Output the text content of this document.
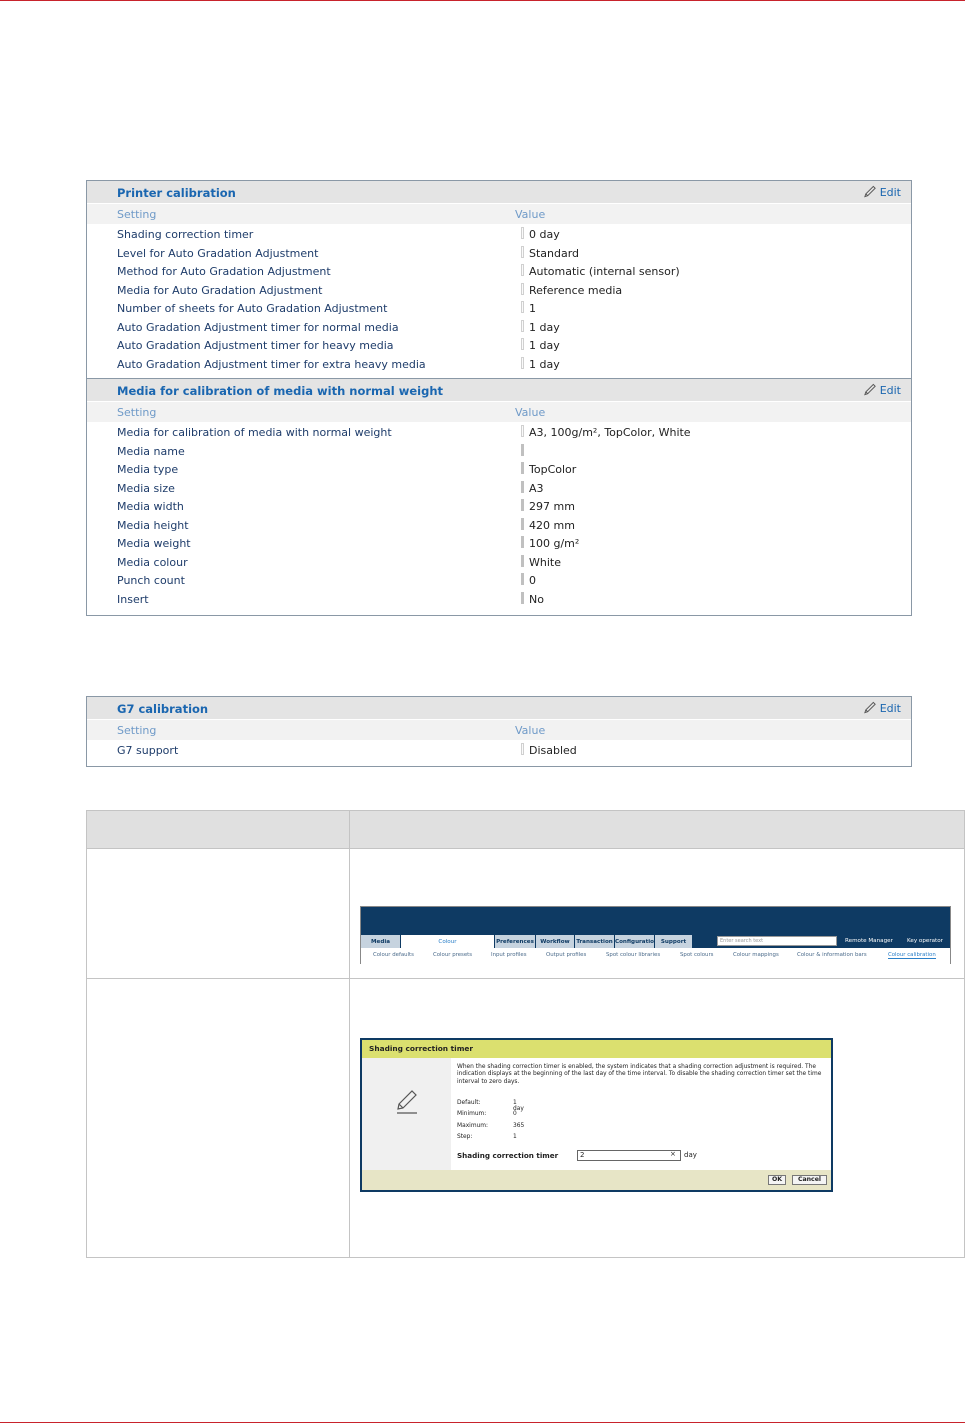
Printer calibration	Edit
Setting	Value
Shading correction timer	0 day
Level for Auto Gradation Adjustment	Standard
Method for Auto Gradation Adjustment	Automatic (internal sensor)
Media for Auto Gradation Adjustment	Reference media
Number of sheets for Auto Gradation Adjustment	1
Auto Gradation Adjustment timer for normal media	1 day
Auto Gradation Adjustment timer for heavy media	1 day
Auto Gradation Adjustment timer for extra heavy media	1 day
Media for calibration of media with normal weight	Edit
Setting	Value
Media for calibration of media with normal weight	A3, 100g/m², TopColor, White
Media name
Media type	TopColor
Media size	A3
Media width	297 mm
Media height	420 mm
Media weight	100 g/m²
Media colour	White
Punch count	0
Insert	No
G7 calibration	Edit
Setting	Value
G7 support	Disabled

Media	Colour	Preferences	Workflow	Transaction Configuratio	Support	Enter search text	Remote Manager	Key operator
Colour defaults	Colour presets	Input profiles	Output profiles	Spot colour libraries	Spot colours	Colour mappings	Colour & information bars	Colour calibration
Shading correction timer
When the shading correction timer is enabled, the system indicates that a shading correction adjustment is required. The indication displays at the beginning of the last day of the time interval. To disable the shading correction timer set the time interval to zero days.
Default:	1 day
Minimum:	0
Maximum:	365
Step:	1
Shading correction timer	2	× day
OK	Cancel
